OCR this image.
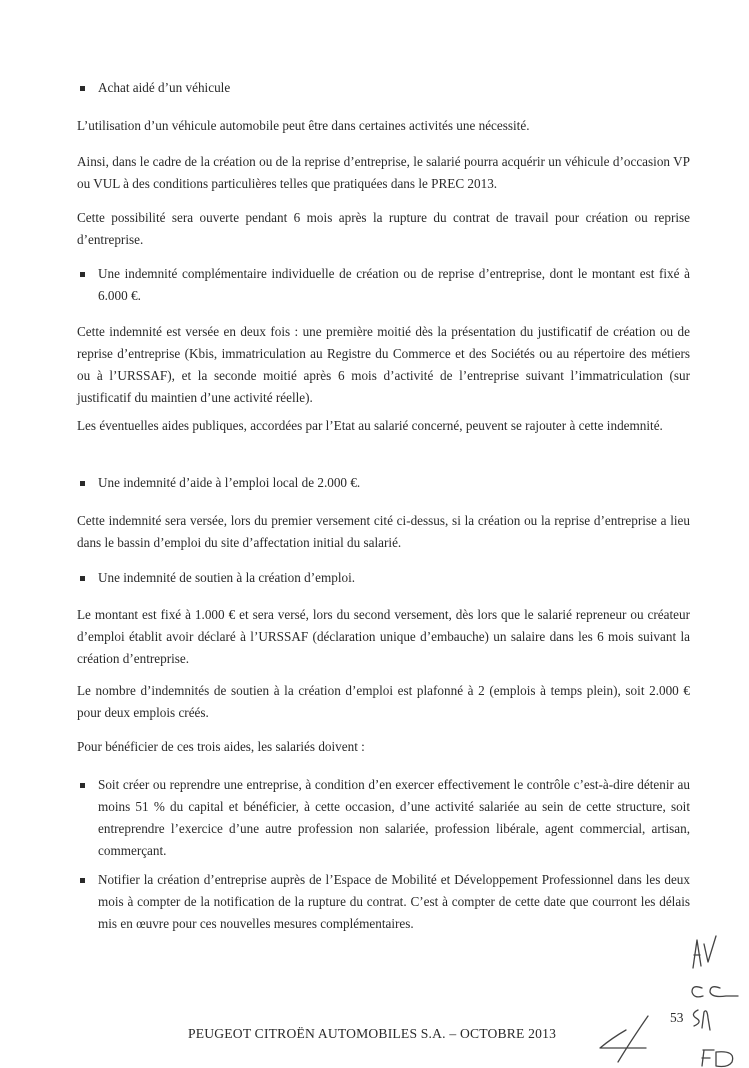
Achat aidé d’un véhicule

L’utilisation d’un véhicule automobile peut être dans certaines activités une nécessité.

Ainsi, dans le cadre de la création ou de la reprise d’entreprise, le salarié pourra acquérir un véhicule d’occasion VP ou VUL à des conditions particulières telles que pratiquées dans le PREC 2013.

Cette possibilité sera ouverte pendant 6 mois après la rupture du contrat de travail pour création ou reprise d’entreprise.

Une indemnité complémentaire individuelle de création ou de reprise d’entreprise, dont le montant est fixé à 6.000 €.

Cette indemnité est versée en deux fois : une première moitié dès la présentation du justificatif de création ou de reprise d’entreprise (Kbis, immatriculation au Registre du Commerce et des Sociétés ou au répertoire des métiers ou à l’URSSAF), et la seconde moitié après 6 mois d’activité de l’entreprise suivant l’immatriculation (sur justificatif du maintien d’une activité réelle).

Les éventuelles aides publiques, accordées par l’Etat au salarié concerné, peuvent se rajouter à cette indemnité.

Une indemnité d’aide à l’emploi local de 2.000 €.

Cette indemnité sera versée, lors du premier versement cité ci-dessus, si la création ou la reprise d’entreprise a lieu dans le bassin d’emploi du site d’affectation initial du salarié.

Une indemnité de soutien à la création d’emploi.

Le montant est fixé à 1.000 € et sera versé, lors du second versement, dès lors que le salarié repreneur ou créateur d’emploi établit avoir déclaré à l’URSSAF (déclaration unique d’embauche) un salaire dans les 6 mois suivant la création d’entreprise.

Le nombre d’indemnités de soutien à la création d’emploi est plafonné à 2 (emplois à temps plein), soit 2.000 € pour deux emplois créés.

Pour bénéficier de ces trois aides, les salariés doivent :

Soit créer ou reprendre une entreprise, à condition d’en exercer effectivement le contrôle c’est-à-dire détenir au moins 51 % du capital et bénéficier, à cette occasion, d’une activité salariée au sein de cette structure, soit entreprendre l’exercice d’une autre profession non salariée, profession libérale, agent commercial, artisan, commerçant.
Notifier la création d’entreprise auprès de l’Espace de Mobilité et Développement Professionnel dans les deux mois à compter de la notification de la rupture du contrat. C’est à compter de cette date que courront les délais mis en œuvre pour ces nouvelles mesures complémentaires.
PEUGEOT CITROËN AUTOMOBILES S.A. – OCTOBRE 2013
53
